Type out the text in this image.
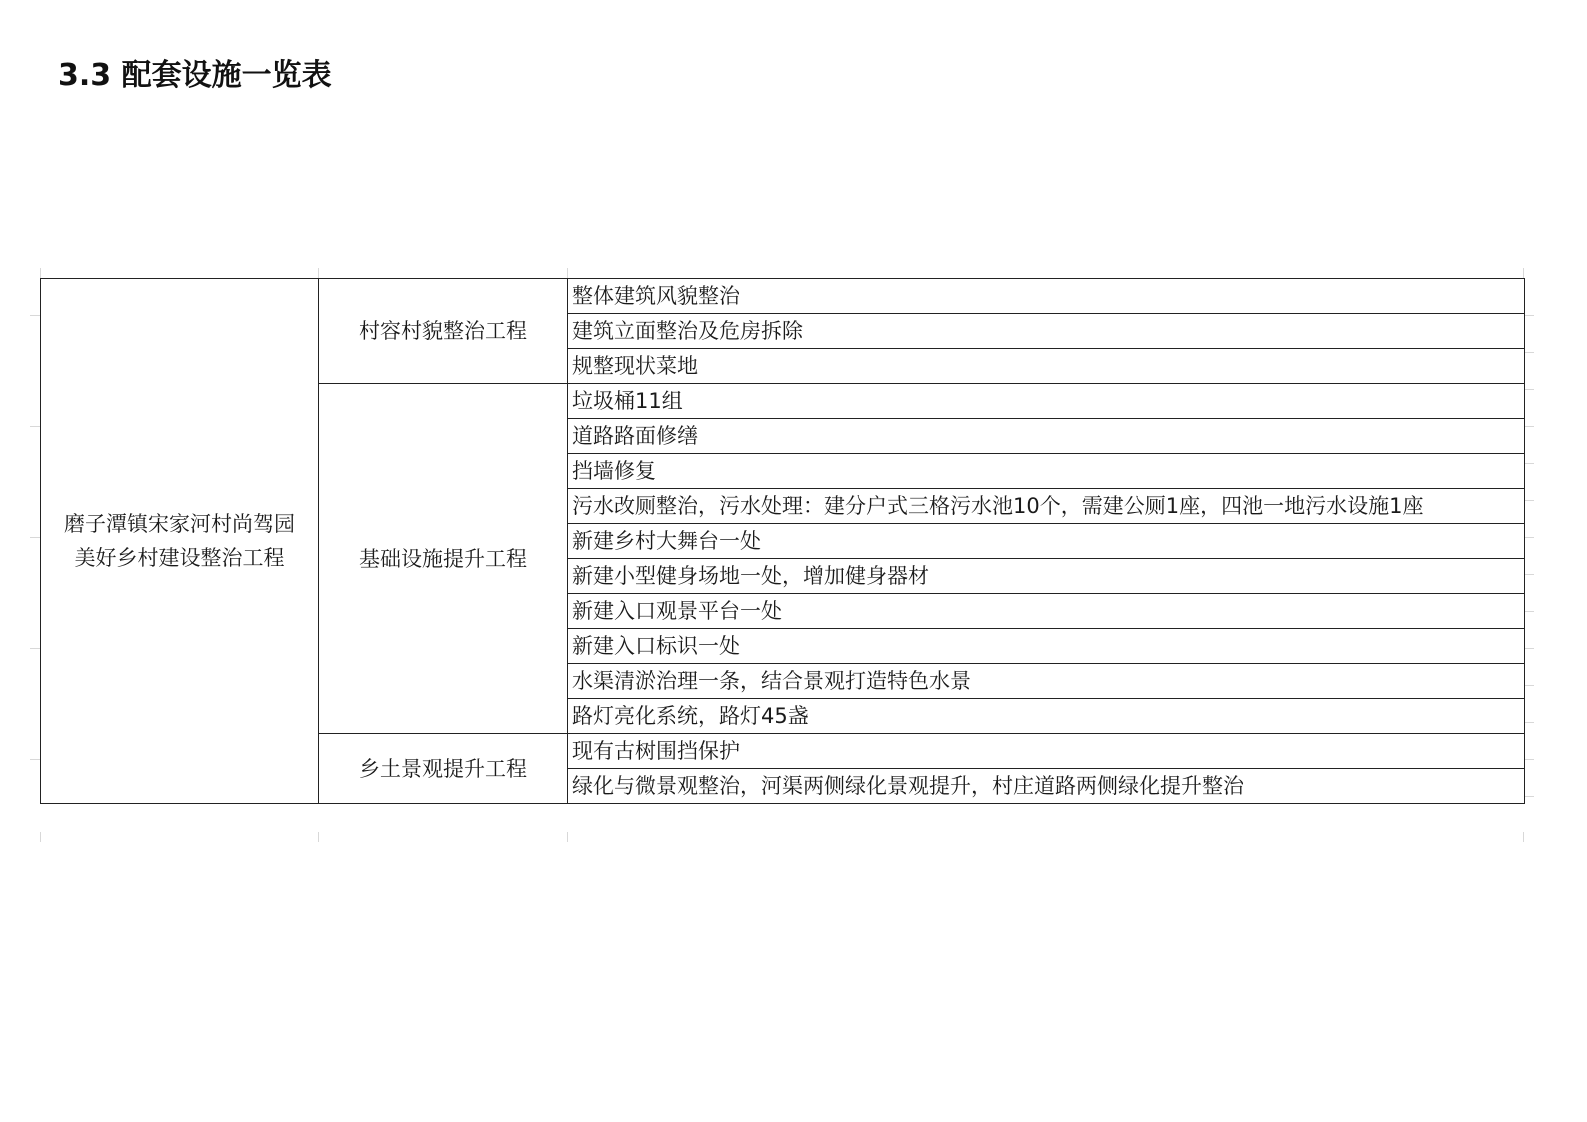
3.3 配套设施一览表
磨子潭镇宋家河村尚驾园
美好乡村建设整治工程	村容村貌整治工程	整体建筑风貌整治
		建筑立面整治及危房拆除
		规整现状菜地
	基础设施提升工程	垃圾桶11组
		道路路面修缮
		挡墙修复
		污水改厕整治，污水处理：建分户式三格污水池10个，需建公厕1座，四池一地污水设施1座
		新建乡村大舞台一处
		新建小型健身场地一处，增加健身器材
		新建入口观景平台一处
		新建入口标识一处
		水渠清淤治理一条，结合景观打造特色水景
		路灯亮化系统，路灯45盏
	乡土景观提升工程	现有古树围挡保护
		绿化与微景观整治，河渠两侧绿化景观提升，村庄道路两侧绿化提升整治
